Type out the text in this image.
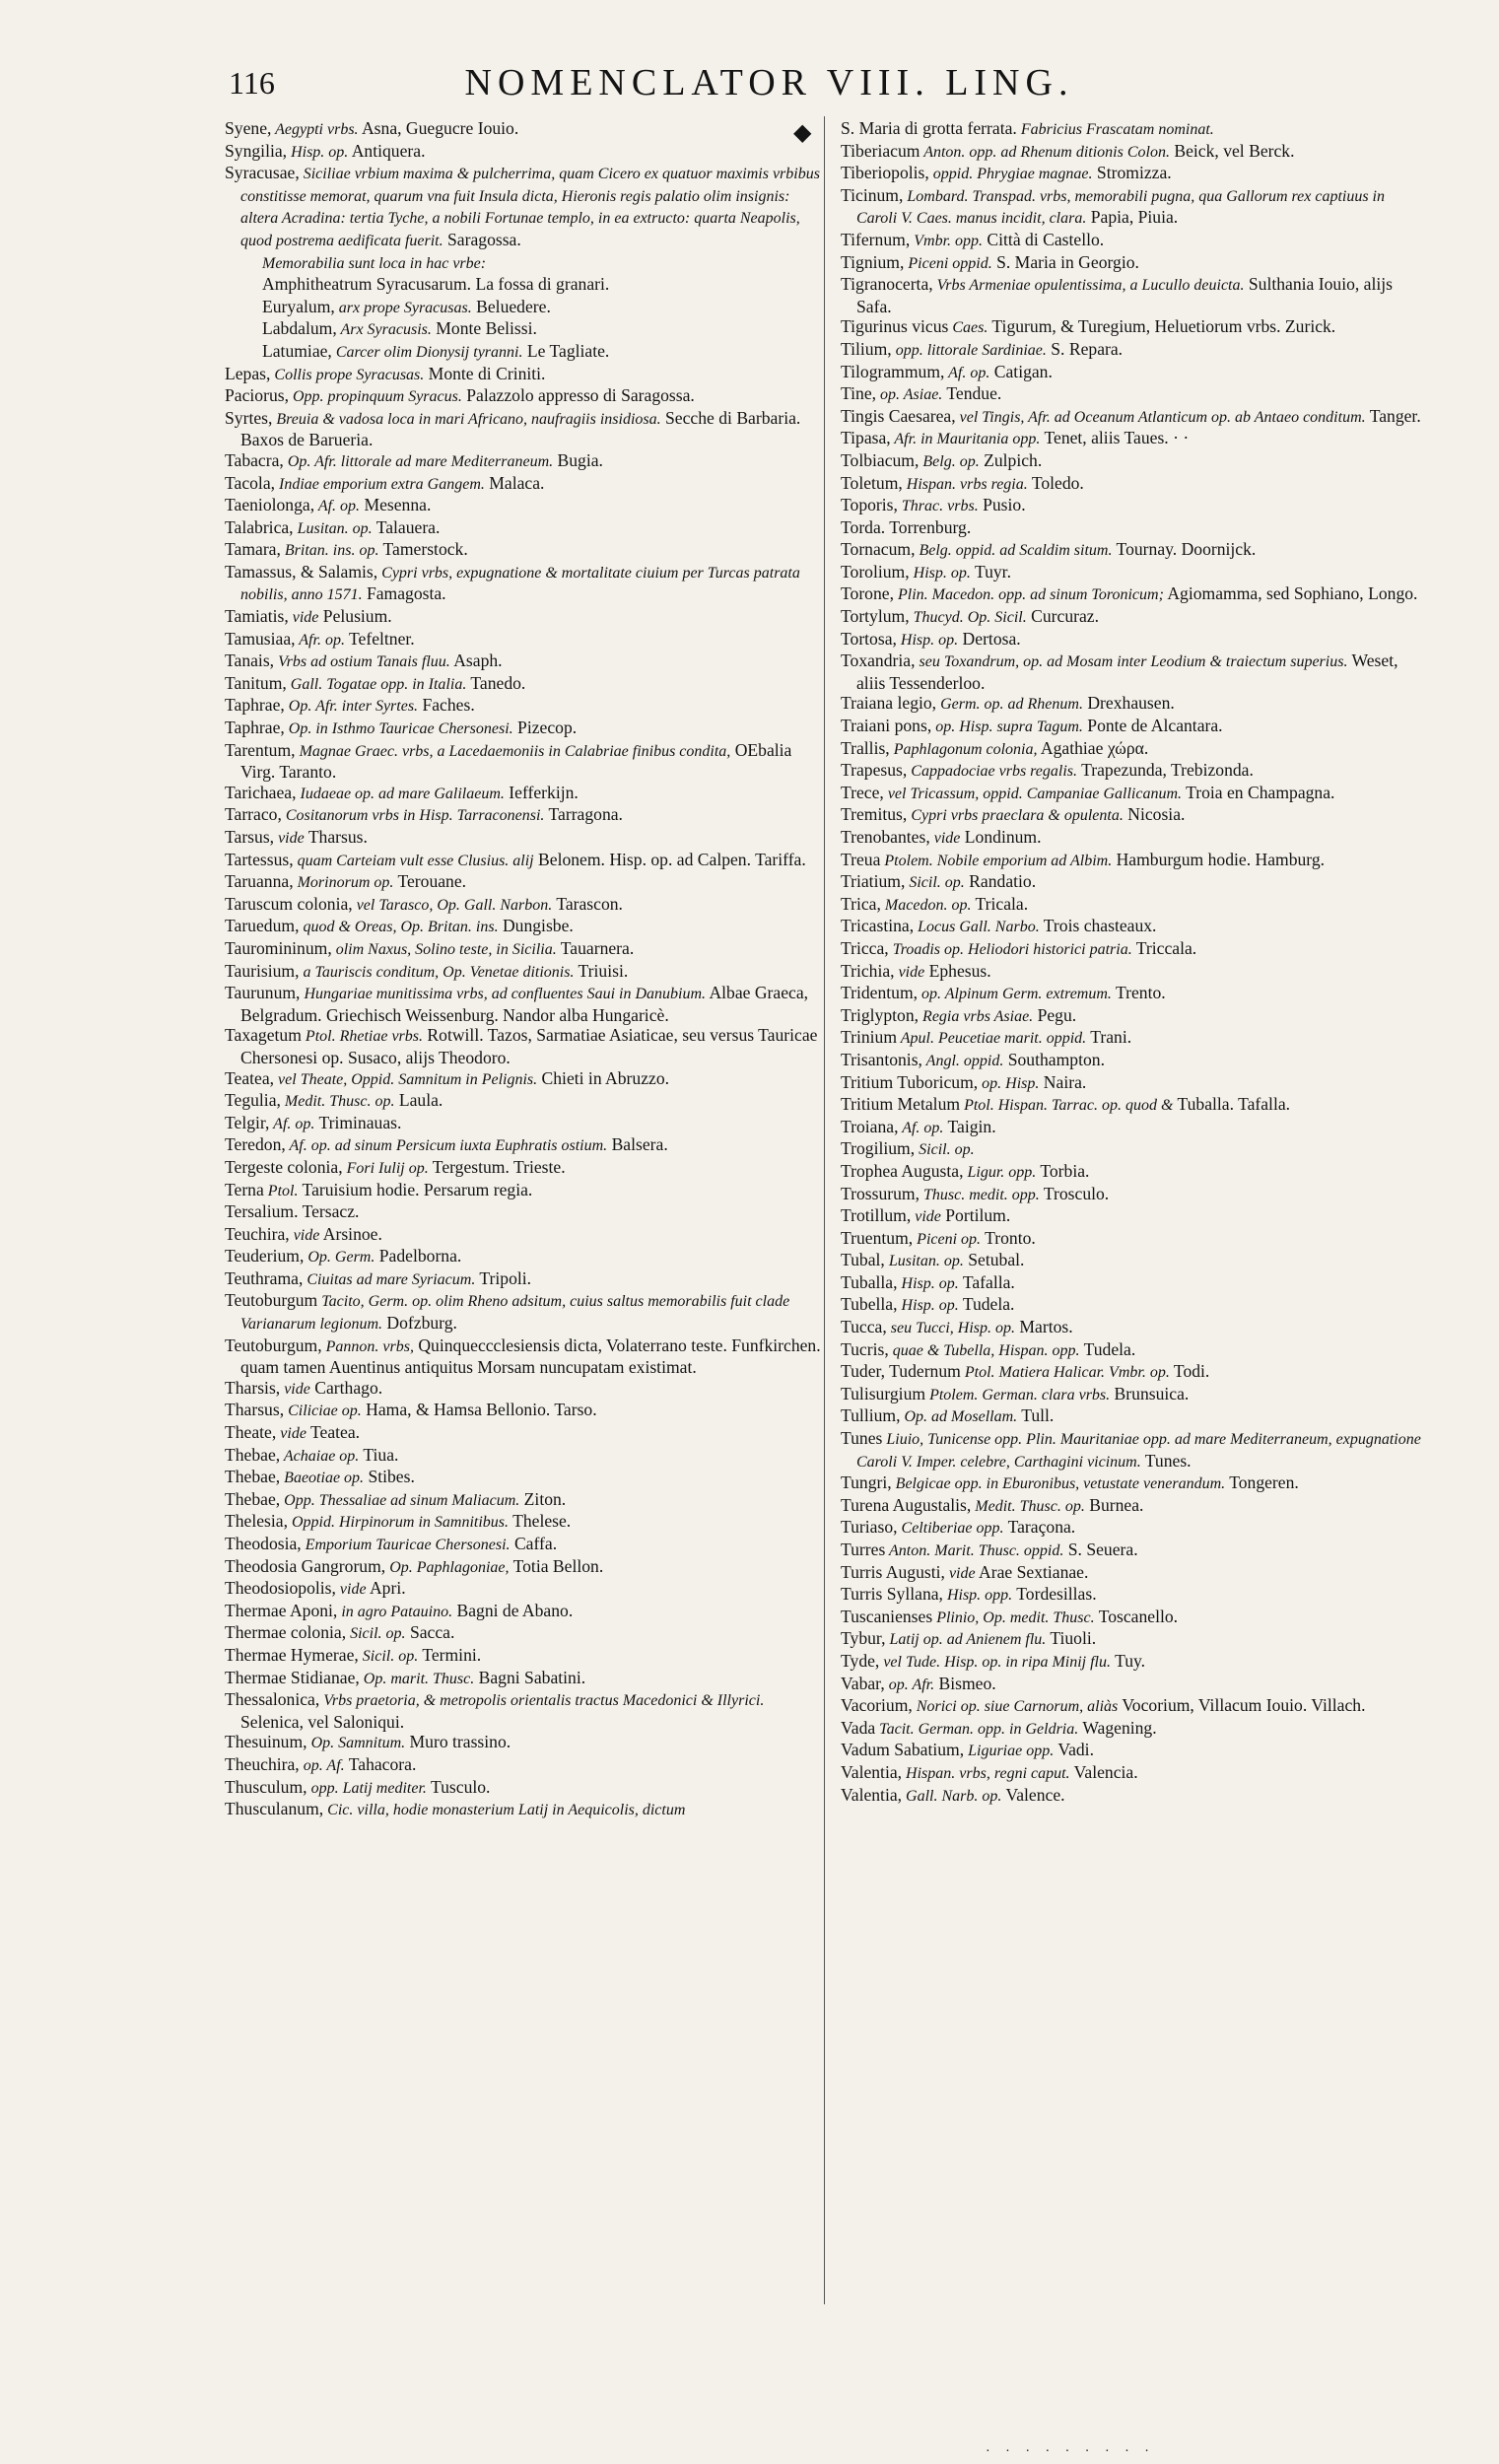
116	NOMENCLATOR VIII. LING.
◆

Syene, Aegypti vrbs. Asna, Guegucre Iouio.

Syngilia, Hisp. op. Antiquera.

Syracusae, Siciliae vrbium maxima & pulcherrima, quam Cicero ex quatuor maximis vrbibus constitisse memorat, quarum vna fuit Insula dicta, Hieronis regis palatio olim insignis: altera Acradina: tertia Tyche, a nobili Fortunae templo, in ea extructo: quarta Neapolis, quod postrema aedificata fuerit. Saragossa.

Memorabilia sunt loca in hac vrbe:

Amphitheatrum Syracusarum. La fossa di granari.

Euryalum, arx prope Syracusas. Beluedere.

Labdalum, Arx Syracusis. Monte Belissi.

Latumiae, Carcer olim Dionysij tyranni. Le Tagliate.

Lepas, Collis prope Syracusas. Monte di Criniti.

Paciorus, Opp. propinquum Syracus. Palazzolo appresso di Saragossa.

Syrtes, Breuia & vadosa loca in mari Africano, naufragiis insidiosa. Secche di Barbaria. Baxos de Barueria.

Tabacra, Op. Afr. littorale ad mare Mediterraneum. Bugia.

Tacola, Indiae emporium extra Gangem. Malaca.

Taeniolonga, Af. op. Mesenna.

Talabrica, Lusitan. op. Talauera.

Tamara, Britan. ins. op. Tamerstock.

Tamassus, & Salamis, Cypri vrbs, expugnatione & mortalitate ciuium per Turcas patrata nobilis, anno 1571. Famagosta.

Tamiatis, vide Pelusium.

Tamusiaa, Afr. op. Tefeltner.

Tanais, Vrbs ad ostium Tanais fluu. Asaph.

Tanitum, Gall. Togatae opp. in Italia. Tanedo.

Taphrae, Op. Afr. inter Syrtes. Faches.

Taphrae, Op. in Isthmo Tauricae Chersonesi. Pizecop.

Tarentum, Magnae Graec. vrbs, a Lacedaemoniis in Calabriae finibus condita, OEbalia Virg. Taranto.

Tarichaea, Iudaeae op. ad mare Galilaeum. Iefferkijn.

Tarraco, Cositanorum vrbs in Hisp. Tarraconensi. Tarragona.

Tarsus, vide Tharsus.

Tartessus, quam Carteiam vult esse Clusius. alij Belonem. Hisp. op. ad Calpen. Tariffa.

Taruanna, Morinorum op. Terouane.

Taruscum colonia, vel Tarasco, Op. Gall. Narbon. Tarascon.

Taruedum, quod & Oreas, Op. Britan. ins. Dungisbe.

Tauromininum, olim Naxus, Solino teste, in Sicilia. Tauarnera.

Taurisium, a Tauriscis conditum, Op. Venetae ditionis. Triuisi.

Taurunum, Hungariae munitissima vrbs, ad confluentes Saui in Danubium. Albae Graeca, Belgradum. Griechisch Weissenburg. Nandor alba Hungaricè.

Taxagetum Ptol. Rhetiae vrbs. Rotwill. Tazos, Sarmatiae Asiaticae, seu versus Tauricae Chersonesi op. Susaco, alijs Theodoro.

Teatea, vel Theate, Oppid. Samnitum in Pelignis. Chieti in Abruzzo.

Tegulia, Medit. Thusc. op. Laula.

Telgir, Af. op. Triminauas.

Teredon, Af. op. ad sinum Persicum iuxta Euphratis ostium. Balsera.

Tergeste colonia, Fori Iulij op. Tergestum. Trieste.

Terna Ptol. Taruisium hodie. Persarum regia.

Tersalium. Tersacz.

Teuchira, vide Arsinoe.

Teuderium, Op. Germ. Padelborna.

Teuthrama, Ciuitas ad mare Syriacum. Tripoli.

Teutoburgum Tacito, Germ. op. olim Rheno adsitum, cuius saltus memorabilis fuit clade Varianarum legionum. Dofzburg.

Teutoburgum, Pannon. vrbs, Quinqueccclesiensis dicta, Volaterrano teste. Funfkirchen. quam tamen Auentinus antiquitus Morsam nuncupatam existimat.

Tharsis, vide Carthago.

Tharsus, Ciliciae op. Hama, & Hamsa Bellonio. Tarso.

Theate, vide Teatea.

Thebae, Achaiae op. Tiua.

Thebae, Baeotiae op. Stibes.

Thebae, Opp. Thessaliae ad sinum Maliacum. Ziton.

Thelesia, Oppid. Hirpinorum in Samnitibus. Thelese.

Theodosia, Emporium Tauricae Chersonesi. Caffa.

Theodosia Gangrorum, Op. Paphlagoniae, Totia Bellon.

Theodosiopolis, vide Apri.

Thermae Aponi, in agro Patauino. Bagni de Abano.

Thermae colonia, Sicil. op. Sacca.

Thermae Hymerae, Sicil. op. Termini.

Thermae Stidianae, Op. marit. Thusc. Bagni Sabatini.

Thessalonica, Vrbs praetoria, & metropolis orientalis tractus Macedonici & Illyrici. Selenica, vel Saloniqui.

Thesuinum, Op. Samnitum. Muro trassino.

Theuchira, op. Af. Tahacora.

Thusculum, opp. Latij mediter. Tusculo.

Thusculanum, Cic. villa, hodie monasterium Latij in Aequicolis, dictum

S. Maria di grotta ferrata. Fabricius Frascatam nominat.

Tiberiacum Anton. opp. ad Rhenum ditionis Colon. Beick, vel Berck.

Tiberiopolis, oppid. Phrygiae magnae. Stromizza.

Ticinum, Lombard. Transpad. vrbs, memorabili pugna, qua Gallorum rex captiuus in Caroli V. Caes. manus incidit, clara. Papia, Piuia.

Tifernum, Vmbr. opp. Città di Castello.

Tignium, Piceni oppid. S. Maria in Georgio.

Tigranocerta, Vrbs Armeniae opulentissima, a Lucullo deuicta. Sulthania Iouio, alijs Safa.

Tigurinus vicus Caes. Tigurum, & Turegium, Heluetiorum vrbs. Zurick.

Tilium, opp. littorale Sardiniae. S. Repara.

Tilogrammum, Af. op. Catigan.

Tine, op. Asiae. Tendue.

Tingis Caesarea, vel Tingis, Afr. ad Oceanum Atlanticum op. ab Antaeo conditum. Tanger.

Tipasa, Afr. in Mauritania opp. Tenet, aliis Taues. · ·

Tolbiacum, Belg. op. Zulpich.

Toletum, Hispan. vrbs regia. Toledo.

Toporis, Thrac. vrbs. Pusio.

Torda. Torrenburg.

Tornacum, Belg. oppid. ad Scaldim situm. Tournay. Doornijck.

Torolium, Hisp. op. Tuyr.

Torone, Plin. Macedon. opp. ad sinum Toronicum; Agiomamma, sed Sophiano, Longo.

Tortylum, Thucyd. Op. Sicil. Curcuraz.

Tortosa, Hisp. op. Dertosa.

Toxandria, seu Toxandrum, op. ad Mosam inter Leodium & traiectum superius. Weset, aliis Tessenderloo.

Traiana legio, Germ. op. ad Rhenum. Drexhausen.

Traiani pons, op. Hisp. supra Tagum. Ponte de Alcantara.

Trallis, Paphlagonum colonia, Agathiae χώρα.

Trapesus, Cappadociae vrbs regalis. Trapezunda, Trebizonda.

Trece, vel Tricassum, oppid. Campaniae Gallicanum. Troia en Champagna.

Tremitus, Cypri vrbs praeclara & opulenta. Nicosia.

Trenobantes, vide Londinum.

Treua Ptolem. Nobile emporium ad Albim. Hamburgum hodie. Hamburg.

Triatium, Sicil. op. Randatio.

Trica, Macedon. op. Tricala.

Tricastina, Locus Gall. Narbo. Trois chasteaux.

Tricca, Troadis op. Heliodori historici patria. Triccala.

Trichia, vide Ephesus.

Tridentum, op. Alpinum Germ. extremum. Trento.

Triglypton, Regia vrbs Asiae. Pegu.

Trinium Apul. Peucetiae marit. oppid. Trani.

Trisantonis, Angl. oppid. Southampton.

Tritium Tuboricum, op. Hisp. Naira.

Tritium Metalum Ptol. Hispan. Tarrac. op. quod & Tuballa. Tafalla.

Troiana, Af. op. Taigin.

Trogilium, Sicil. op.

Trophea Augusta, Ligur. opp. Torbia.

Trossurum, Thusc. medit. opp. Trosculo.

Trotillum, vide Portilum.

Truentum, Piceni op. Tronto.

Tubal, Lusitan. op. Setubal.

Tuballa, Hisp. op. Tafalla.

Tubella, Hisp. op. Tudela.

Tucca, seu Tucci, Hisp. op. Martos.

Tucris, quae & Tubella, Hispan. opp. Tudela.

Tuder, Tudernum Ptol. Matiera Halicar. Vmbr. op. Todi.

Tulisurgium Ptolem. German. clara vrbs. Brunsuica.

Tullium, Op. ad Mosellam. Tull.

Tunes Liuio, Tunicense opp. Plin. Mauritaniae opp. ad mare Mediterraneum, expugnatione Caroli V. Imper. celebre, Carthagini vicinum. Tunes.

Tungri, Belgicae opp. in Eburonibus, vetustate venerandum. Tongeren.

Turena Augustalis, Medit. Thusc. op. Burnea.

Turiaso, Celtiberiae opp. Taraçona.

Turres Anton. Marit. Thusc. oppid. S. Seuera.

Turris Augusti, vide Arae Sextianae.

Turris Syllana, Hisp. opp. Tordesillas.

Tuscanienses Plinio, Op. medit. Thusc. Toscanello.

Tybur, Latij op. ad Anienem flu. Tiuoli.

Tyde, vel Tude. Hisp. op. in ripa Minij flu. Tuy.

Vabar, op. Afr. Bismeo.

Vacorium, Norici op. siue Carnorum, aliàs Vocorium, Villacum Iouio. Villach.

Vada Tacit. German. opp. in Geldria. Wagening.

Vadum Sabatium, Liguriae opp. Vadi.

Valentia, Hispan. vrbs, regni caput. Valencia.

Valentia, Gall. Narb. op. Valence.

· · · · · · · · ·
